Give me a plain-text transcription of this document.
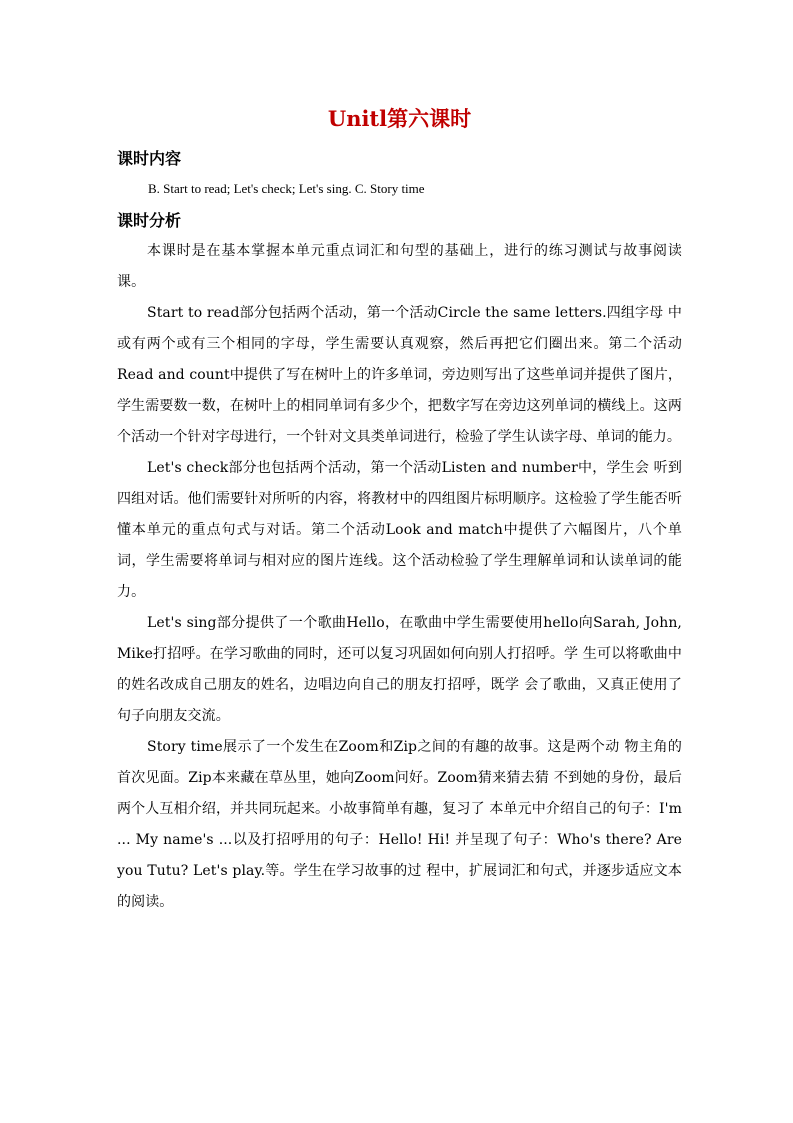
Unitl第六课时
课时内容

B. Start to read; Let's check; Let's sing. C. Story time

课时分析

本课时是在基本掌握本单元重点词汇和句型的基础上，进行的练习测试与故事阅读课。

Start to read部分包括两个活动，第一个活动Circle the same letters.四组字母 中或有两个或有三个相同的字母，学生需要认真观察，然后再把它们圈出来。第二个活动Read and count中提供了写在树叶上的许多单词，旁边则写出了这些单词并提供了图片，学生需要数一数，在树叶上的相同单词有多少个，把数字写在旁边这列单词的横线上。这两个活动一个针对字母进行，一个针对文具类单词进行，检验了学生认读字母、单词的能力。

Let's check部分也包括两个活动，第一个活动Listen and number中，学生会 听到四组对话。他们需要针对所听的内容，将教材中的四组图片标明顺序。这检验了学生能否听懂本单元的重点句式与对话。第二个活动Look and match中提供了六幅图片，八个单词，学生需要将单词与相对应的图片连线。这个活动检验了学生理解单词和认读单词的能力。

Let's sing部分提供了一个歌曲Hello，在歌曲中学生需要使用hello向Sarah, John, Mike打招呼。在学习歌曲的同时，还可以复习巩固如何向别人打招呼。学 生可以将歌曲中的姓名改成自己朋友的姓名，边唱边向自己的朋友打招呼，既学 会了歌曲，又真正使用了句子向朋友交流。

Story time展示了一个发生在Zoom和Zip之间的有趣的故事。这是两个动 物主角的首次见面。Zip本来藏在草丛里，她向Zoom问好。Zoom猜来猜去猜 不到她的身份，最后两个人互相介绍，并共同玩起来。小故事简单有趣，复习了 本单元中介绍自己的句子：I'm ... My name's ...以及打招呼用的句子：Hello! Hi! 并呈现了句子：Who's there? Are you Tutu? Let's play.等。学生在学习故事的过 程中，扩展词汇和句式，并逐步适应文本的阅读。
